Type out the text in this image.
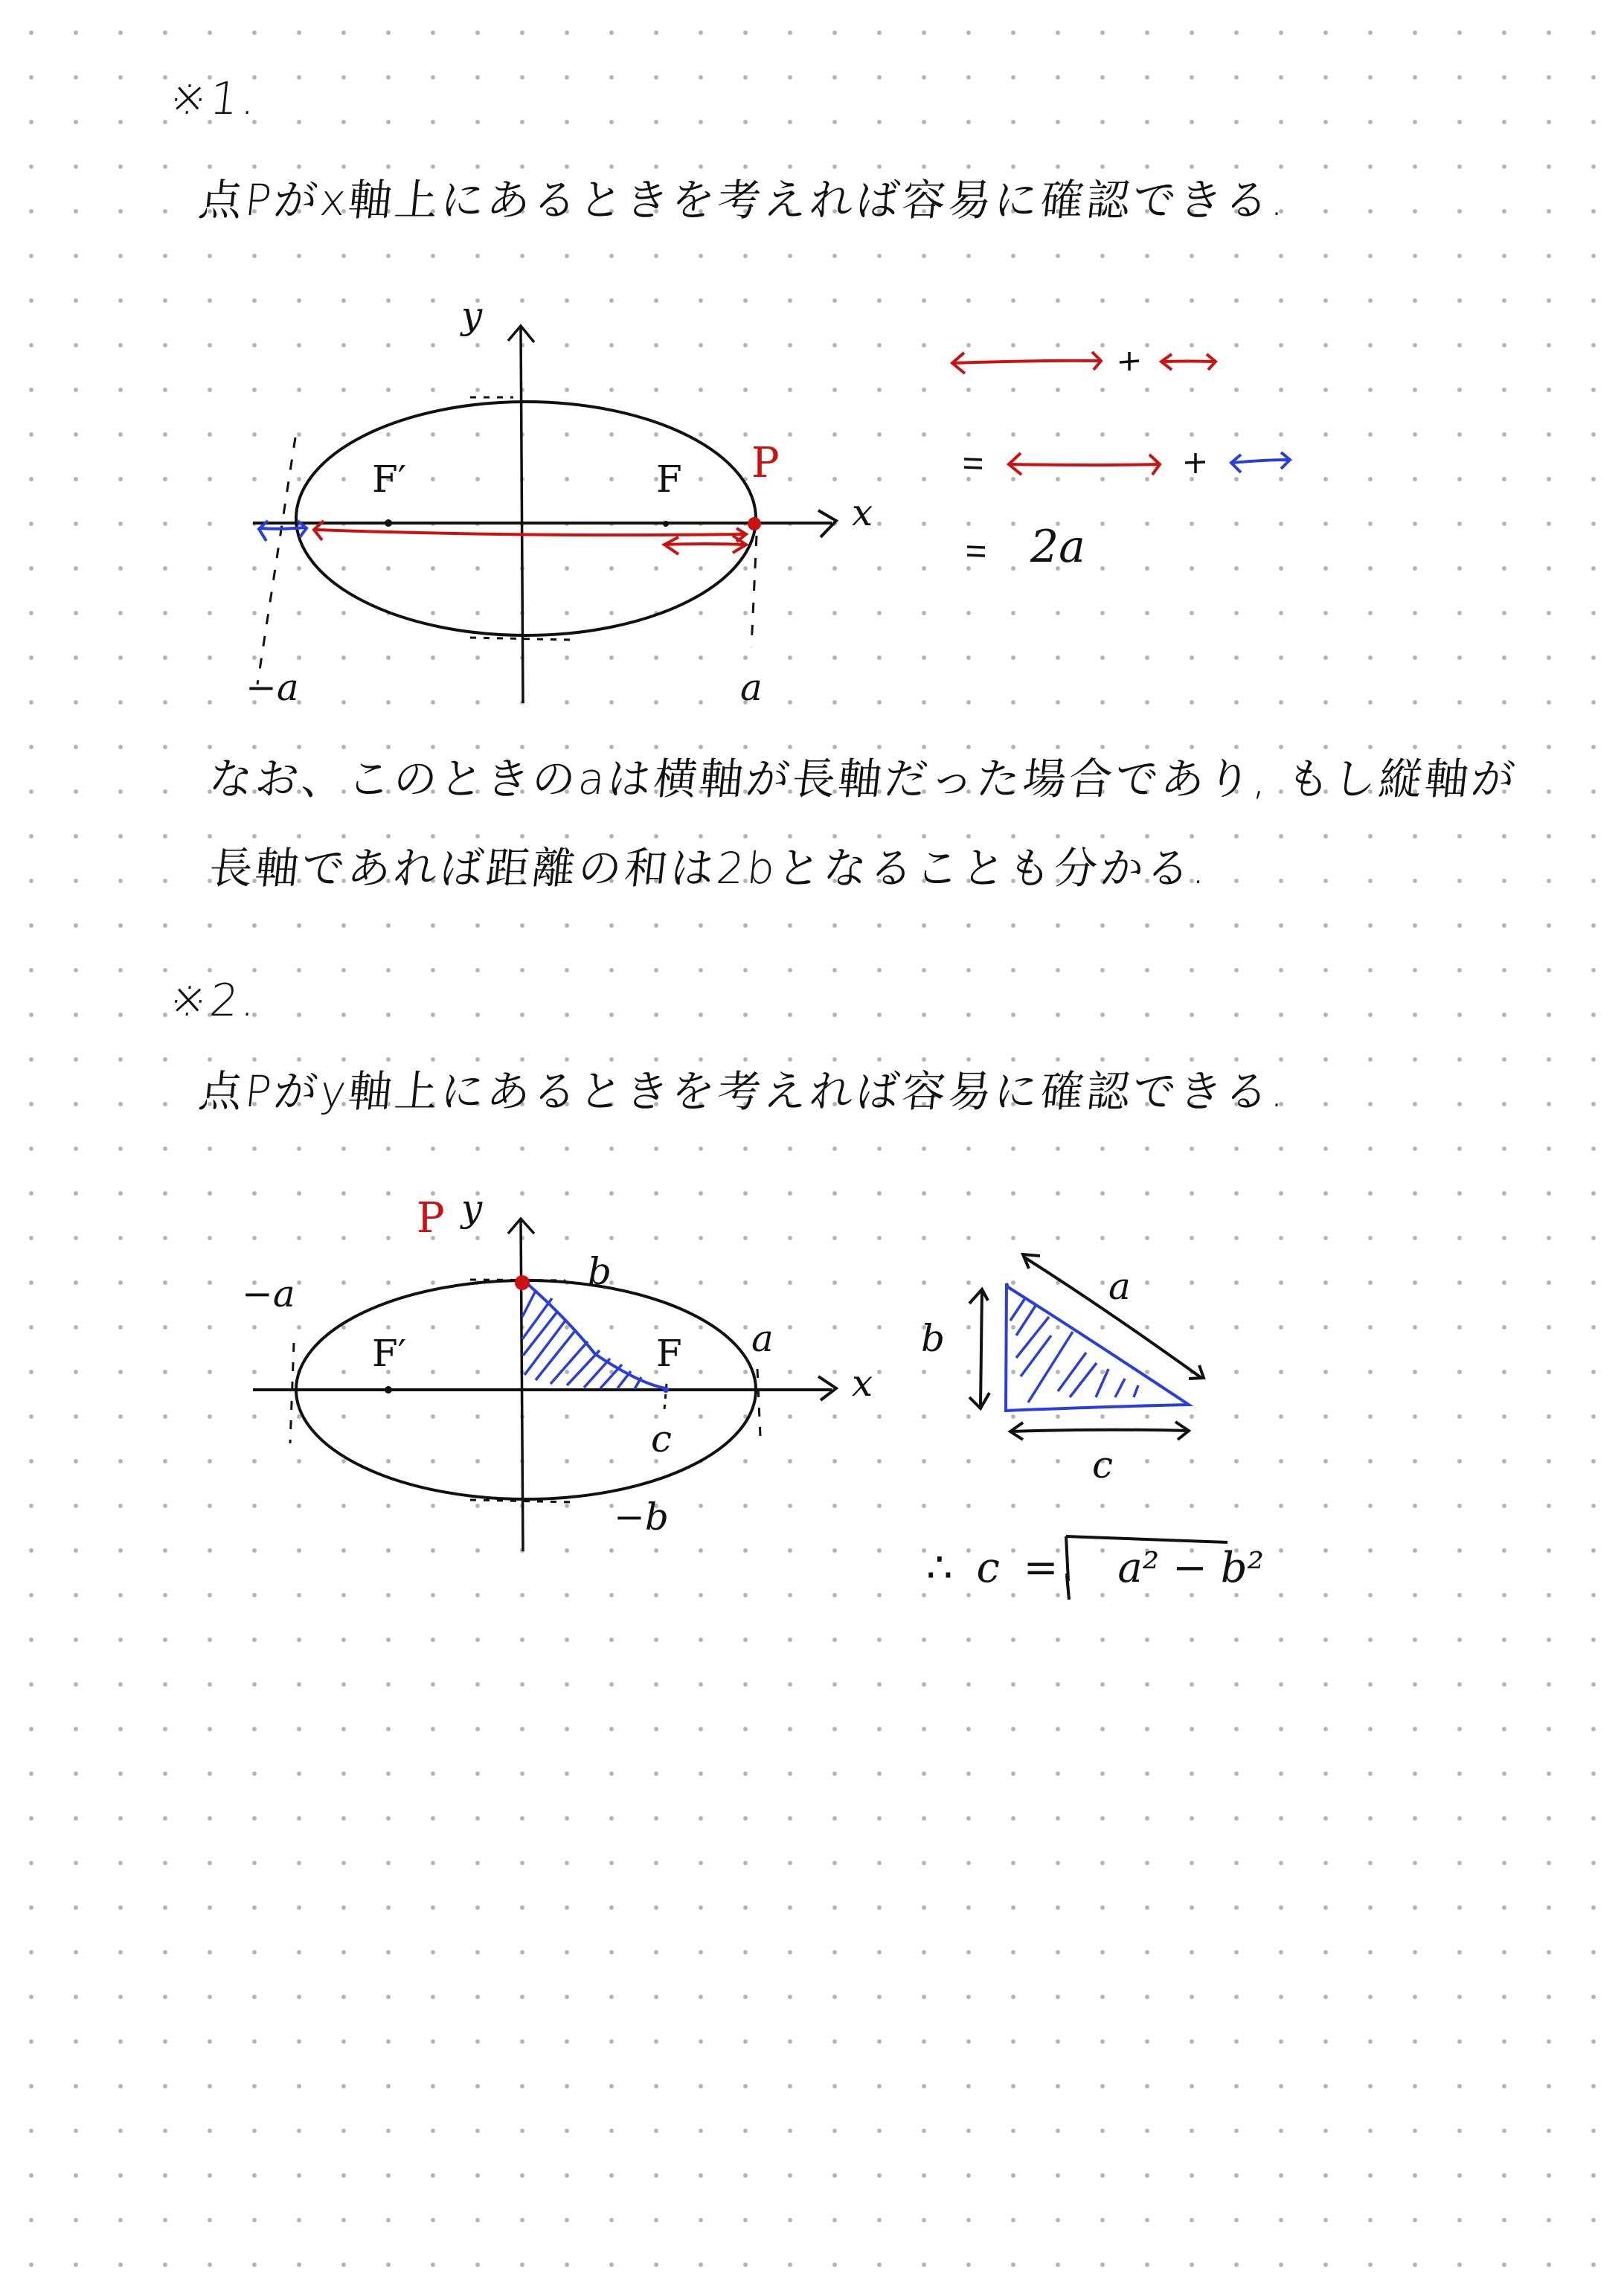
※1.
点Pがx軸上にあるときを考えれば容易に確認できる.
y
x
F′	F P
−a	a
2a
なお、このときのaは横軸が長軸だった場合であり, もし縦軸が
長軸であれば距離の和は2bとなることも分かる.
※2.
点Pがy軸上にあるときを考えれば容易に確認できる.
P y
x
b
−a
a
F′	F
c
−b
a
b
c
∴ c = a² − b²
